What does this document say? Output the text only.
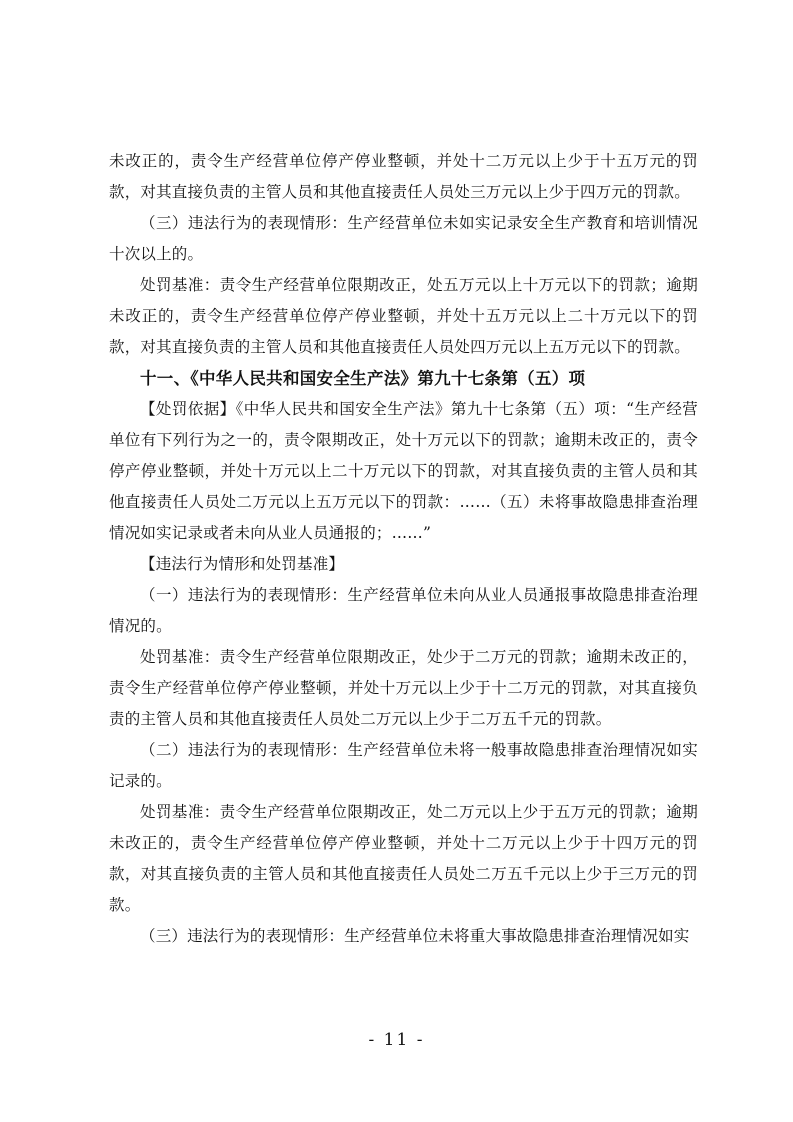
未改正的，责令生产经营单位停产停业整顿，并处十二万元以上少于十五万元的罚款，对其直接负责的主管人员和其他直接责任人员处三万元以上少于四万元的罚款。

（三）违法行为的表现情形：生产经营单位未如实记录安全生产教育和培训情况十次以上的。

处罚基准：责令生产经营单位限期改正，处五万元以上十万元以下的罚款；逾期未改正的，责令生产经营单位停产停业整顿，并处十五万元以上二十万元以下的罚款，对其直接负责的主管人员和其他直接责任人员处四万元以上五万元以下的罚款。

十一、《中华人民共和国安全生产法》第九十七条第（五）项

【处罚依据】《中华人民共和国安全生产法》第九十七条第（五）项：“生产经营单位有下列行为之一的，责令限期改正，处十万元以下的罚款；逾期未改正的，责令停产停业整顿，并处十万元以上二十万元以下的罚款，对其直接负责的主管人员和其他直接责任人员处二万元以上五万元以下的罚款：……（五）未将事故隐患排查治理情况如实记录或者未向从业人员通报的；……”

【违法行为情形和处罚基准】

（一）违法行为的表现情形：生产经营单位未向从业人员通报事故隐患排查治理情况的。

处罚基准：责令生产经营单位限期改正，处少于二万元的罚款；逾期未改正的，责令生产经营单位停产停业整顿，并处十万元以上少于十二万元的罚款，对其直接负责的主管人员和其他直接责任人员处二万元以上少于二万五千元的罚款。

（二）违法行为的表现情形：生产经营单位未将一般事故隐患排查治理情况如实记录的。

处罚基准：责令生产经营单位限期改正，处二万元以上少于五万元的罚款；逾期未改正的，责令生产经营单位停产停业整顿，并处十二万元以上少于十四万元的罚款，对其直接负责的主管人员和其他直接责任人员处二万五千元以上少于三万元的罚款。

（三）违法行为的表现情形：生产经营单位未将重大事故隐患排查治理情况如实

- 11 -
